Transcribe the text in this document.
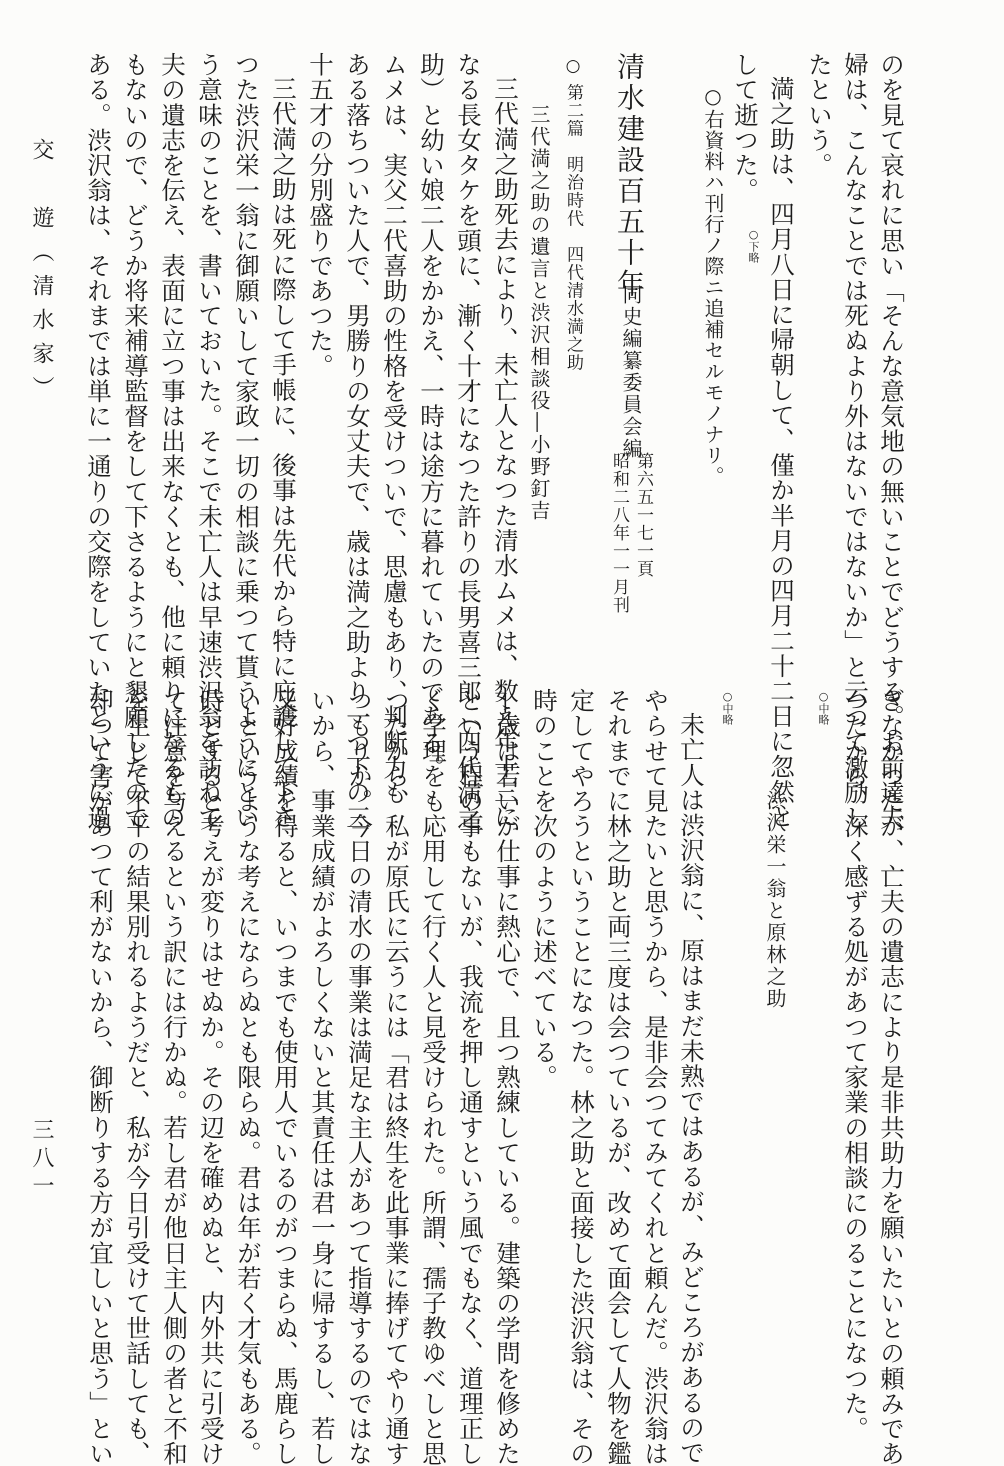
交　遊（清水家）
三八一
のを見て哀れに思い「そんな意気地の無いことでどうする。お前達夫
婦は、こんなことでは死ぬより外はないではないか」と云つて激励し
たという。
満之助は、四月八日に帰朝して、僅か半月の四月二十二日に忽然と
して逝つた。
○下略
○右資料ハ刊行ノ際ニ追補セルモノナリ。
清水建設百五十年
同史編纂委員会編
第六五一七一頁
昭和二八年一一月刊
○ 第二篇　明治時代　四代清水満之助
三代満之助の遺言と渋沢相談役―小野釘吉
三代満之助死去により、未亡人となつた清水ムメは、数え年十三に
なる長女タケを頭に、漸く十才になつた許りの長男喜三郎（四代満之
助）と幼い娘二人をかかえ、一時は途方に暮れていたのである。
ムメは、実父二代喜助の性格を受けついで、思慮もあり、判断力も
ある落ちついた人で、男勝りの女丈夫で、歳は満之助より一つ下の三
十五才の分別盛りであつた。
三代満之助は死に際して手帳に、後事は先代から特に庇護して下さ
つた渋沢栄一翁に御願いして家政一切の相談に乗つて貰うようにとい
う意味のことを、書いておいた。そこで未亡人は早速渋沢翁を訪ねて
夫の遺志を伝え、表面に立つ事は出来なくとも、他に頼りになるもの
もないので、どうか将来補導監督をして下さるようにと懇願したので
ある。渋沢翁は、それまでは単に一通りの交際をしていたというに過
ぎなかつたが、亡夫の遺志により是非共助力を願いたいとの頼みであ
つたから、深く感ずる処があつて家業の相談にのることになつた。
○中略
渋沢栄一翁と原林之助
○中略
未亡人は渋沢翁に、原はまだ未熟ではあるが、みどころがあるので
やらせて見たいと思うから、是非会つてみてくれと頼んだ。渋沢翁は
それまでに林之助と両三度は会つているが、改めて面会して人物を鑑
定してやろうということになつた。林之助と面接した渋沢翁は、その
時のことを次のように述べている。
―歳は若いが仕事に熱心で、且つ熟練している。建築の学問を修めた
という程の事もないが、我流を押し通すという風でもなく、道理正し
く学理をも応用して行く人と見受けられた。所謂、孺子教ゆべしと思
つたから、私が原氏に云うには「君は終生を此事業に捧げてやり通す
つもりか。今日の清水の事業は満足な主人があつて指導するのではな
いから、事業成績がよろしくないと其責任は君一身に帰するし、若し
又好成績を得ると、いつまでも使用人でいるのがつまらぬ、馬鹿らし
いというような考えにならぬとも限らぬ。君は年が若く才気もある。
時とすると考えが変りはせぬか。その辺を確めぬと、内外共に引受け
て注意を与えるという訳には行かぬ。若し君が他日主人側の者と不和
を生じて不平の結果別れるようだと、私が今日引受けて世話しても、
却つて害があつて利がないから、御断りする方が宜しいと思う」とい
